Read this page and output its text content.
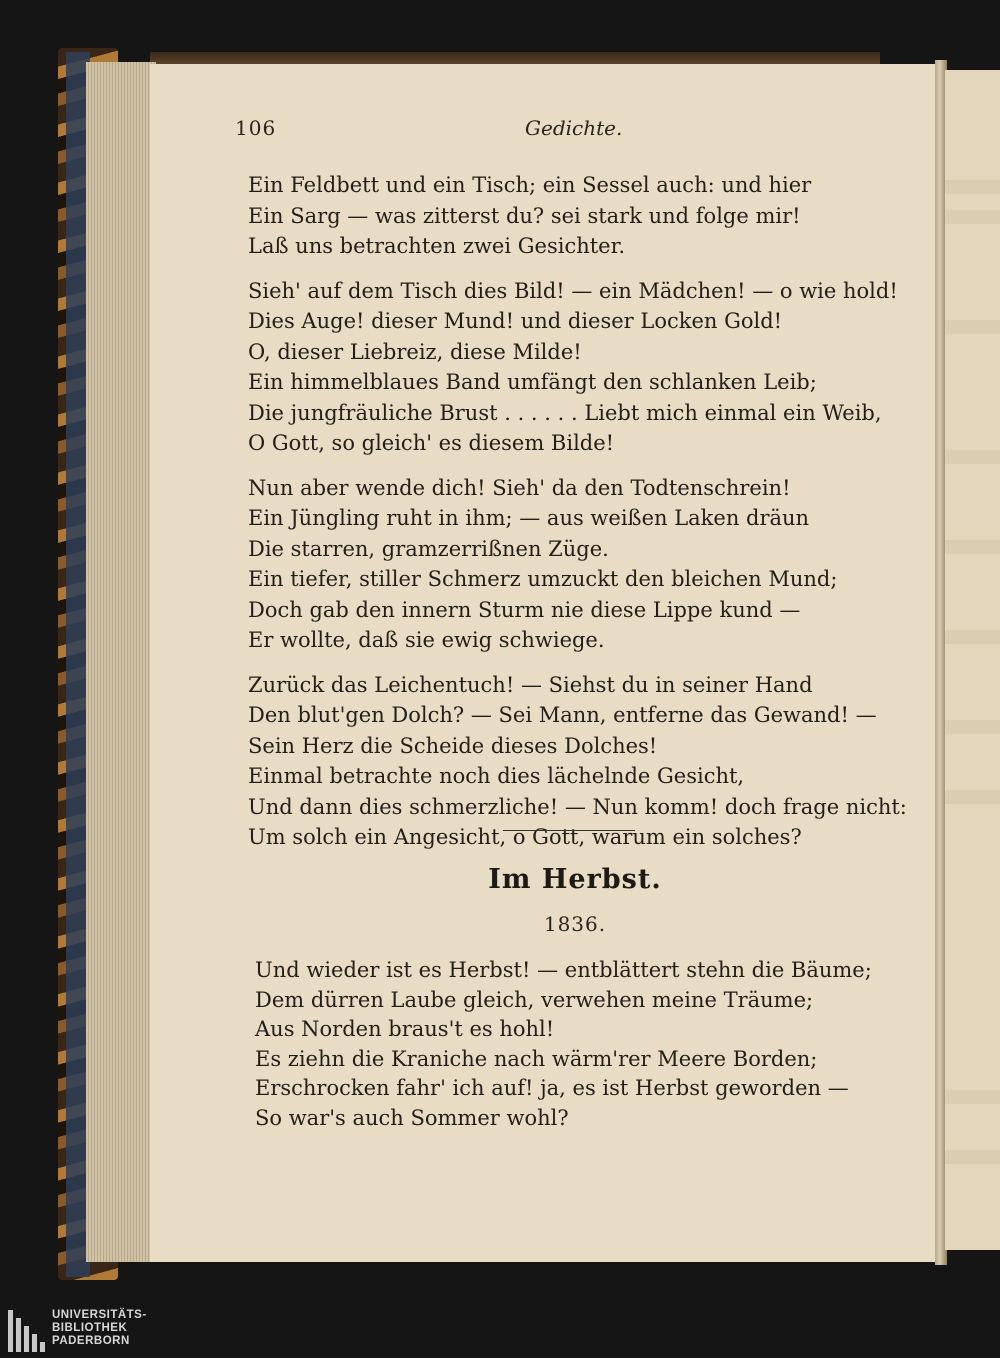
106	Gedichte.
Ein Feldbett und ein Tisch; ein Sessel auch: und hier
Ein Sarg — was zitterst du? sei stark und folge mir!
Laß uns betrachten zwei Gesichter.
Sieh' auf dem Tisch dies Bild! — ein Mädchen! — o wie hold!
Dies Auge! dieser Mund! und dieser Locken Gold!
O, dieser Liebreiz, diese Milde!
Ein himmelblaues Band umfängt den schlanken Leib;
Die jungfräuliche Brust . . . . . . Liebt mich einmal ein Weib,
O Gott, so gleich' es diesem Bilde!
Nun aber wende dich! Sieh' da den Todtenschrein!
Ein Jüngling ruht in ihm; — aus weißen Laken dräun
Die starren, gramzerrißnen Züge.
Ein tiefer, stiller Schmerz umzuckt den bleichen Mund;
Doch gab den innern Sturm nie diese Lippe kund —
Er wollte, daß sie ewig schwiege.
Zurück das Leichentuch! — Siehst du in seiner Hand
Den blut'gen Dolch? — Sei Mann, entferne das Gewand! —
Sein Herz die Scheide dieses Dolches!
Einmal betrachte noch dies lächelnde Gesicht,
Und dann dies schmerzliche! — Nun komm! doch frage nicht:
Um solch ein Angesicht, o Gott, warum ein solches?
Im Herbst.
1836.
Und wieder ist es Herbst! — entblättert stehn die Bäume;
Dem dürren Laube gleich, verwehen meine Träume;
Aus Norden braus't es hohl!
Es ziehn die Kraniche nach wärm'rer Meere Borden;
Erschrocken fahr' ich auf! ja, es ist Herbst geworden —
So war's auch Sommer wohl?
UNIVERSITÄTS-
BIBLIOTHEK
PADERBORN
